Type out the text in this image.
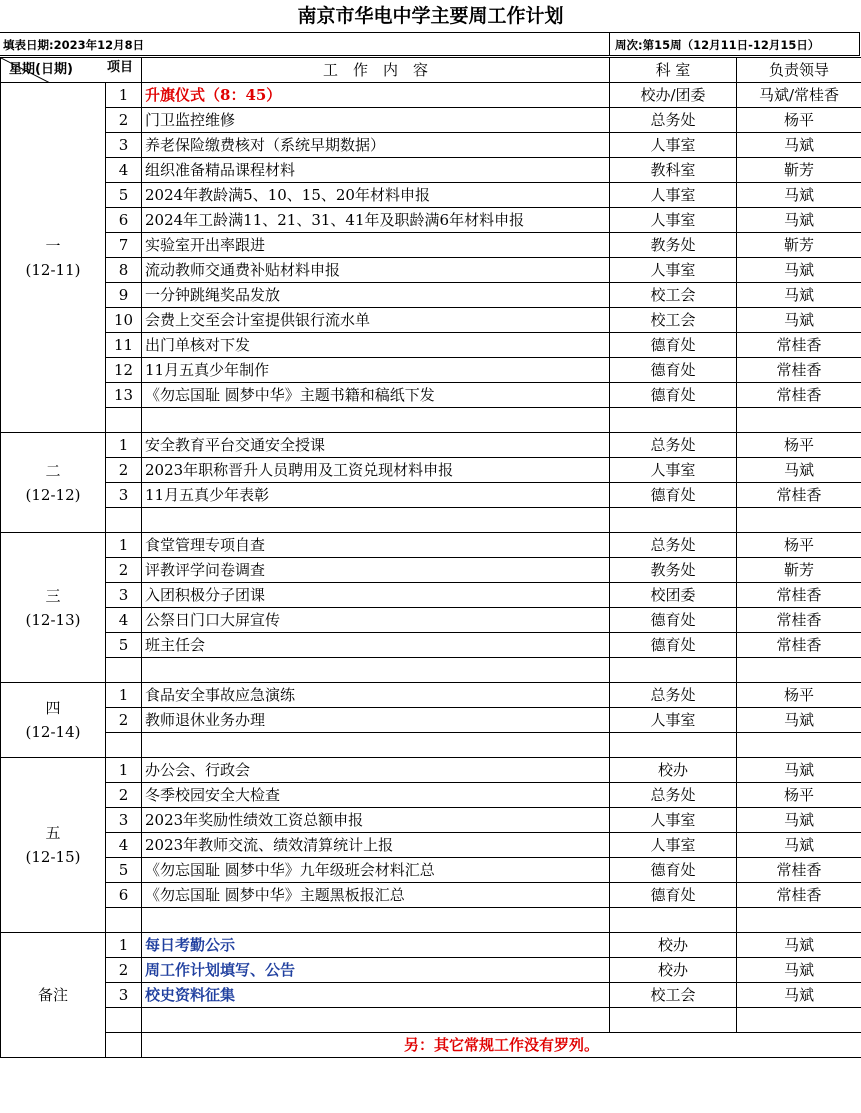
南京市华电中学主要周工作计划
填表日期:2023年12月8日	周次:第15周（12月11日-12月15日）
项目
星期(日期)		工　作　内　容	科 室	负责领导

一
(12-11)	1	升旗仪式（8：45）	校办/团委	马斌/常桂香
	2	门卫监控维修	总务处	杨平
	3	养老保险缴费核对（系统早期数据）	人事室	马斌
	4	组织准备精品课程材料	教科室	靳芳
	5	2024年教龄满5、10、15、20年材料申报	人事室	马斌
	6	2024年工龄满11、21、31、41年及职龄满6年材料申报	人事室	马斌
	7	实验室开出率跟进	教务处	靳芳
	8	流动教师交通费补贴材料申报	人事室	马斌
	9	一分钟跳绳奖品发放	校工会	马斌
	10	会费上交至会计室提供银行流水单	校工会	马斌
	11	出门单核对下发	德育处	常桂香
	12	11月五真少年制作	德育处	常桂香
	13	《勿忘国耻 圆梦中华》主题书籍和稿纸下发	德育处	常桂香

二
(12-12)	1	安全教育平台交通安全授课	总务处	杨平
	2	2023年职称晋升人员聘用及工资兑现材料申报	人事室	马斌
	3	11月五真少年表彰	德育处	常桂香

三
(12-13)	1	食堂管理专项自查	总务处	杨平
	2	评教评学问卷调查	教务处	靳芳
	3	入团积极分子团课	校团委	常桂香
	4	公祭日门口大屏宣传	德育处	常桂香
	5	班主任会	德育处	常桂香

四
(12-14)	1	食品安全事故应急演练	总务处	杨平
	2	教师退休业务办理	人事室	马斌

五
(12-15)	1	办公会、行政会	校办	马斌
	2	冬季校园安全大检查	总务处	杨平
	3	2023年奖励性绩效工资总额申报	人事室	马斌
	4	2023年教师交流、绩效清算统计上报	人事室	马斌
	5	《勿忘国耻 圆梦中华》九年级班会材料汇总	德育处	常桂香
	6	《勿忘国耻 圆梦中华》主题黑板报汇总	德育处	常桂香

备注	1	每日考勤公示	校办	马斌
	2	周工作计划填写、公告	校办	马斌
	3	校史资料征集	校工会	马斌

		另：其它常规工作没有罗列。		
